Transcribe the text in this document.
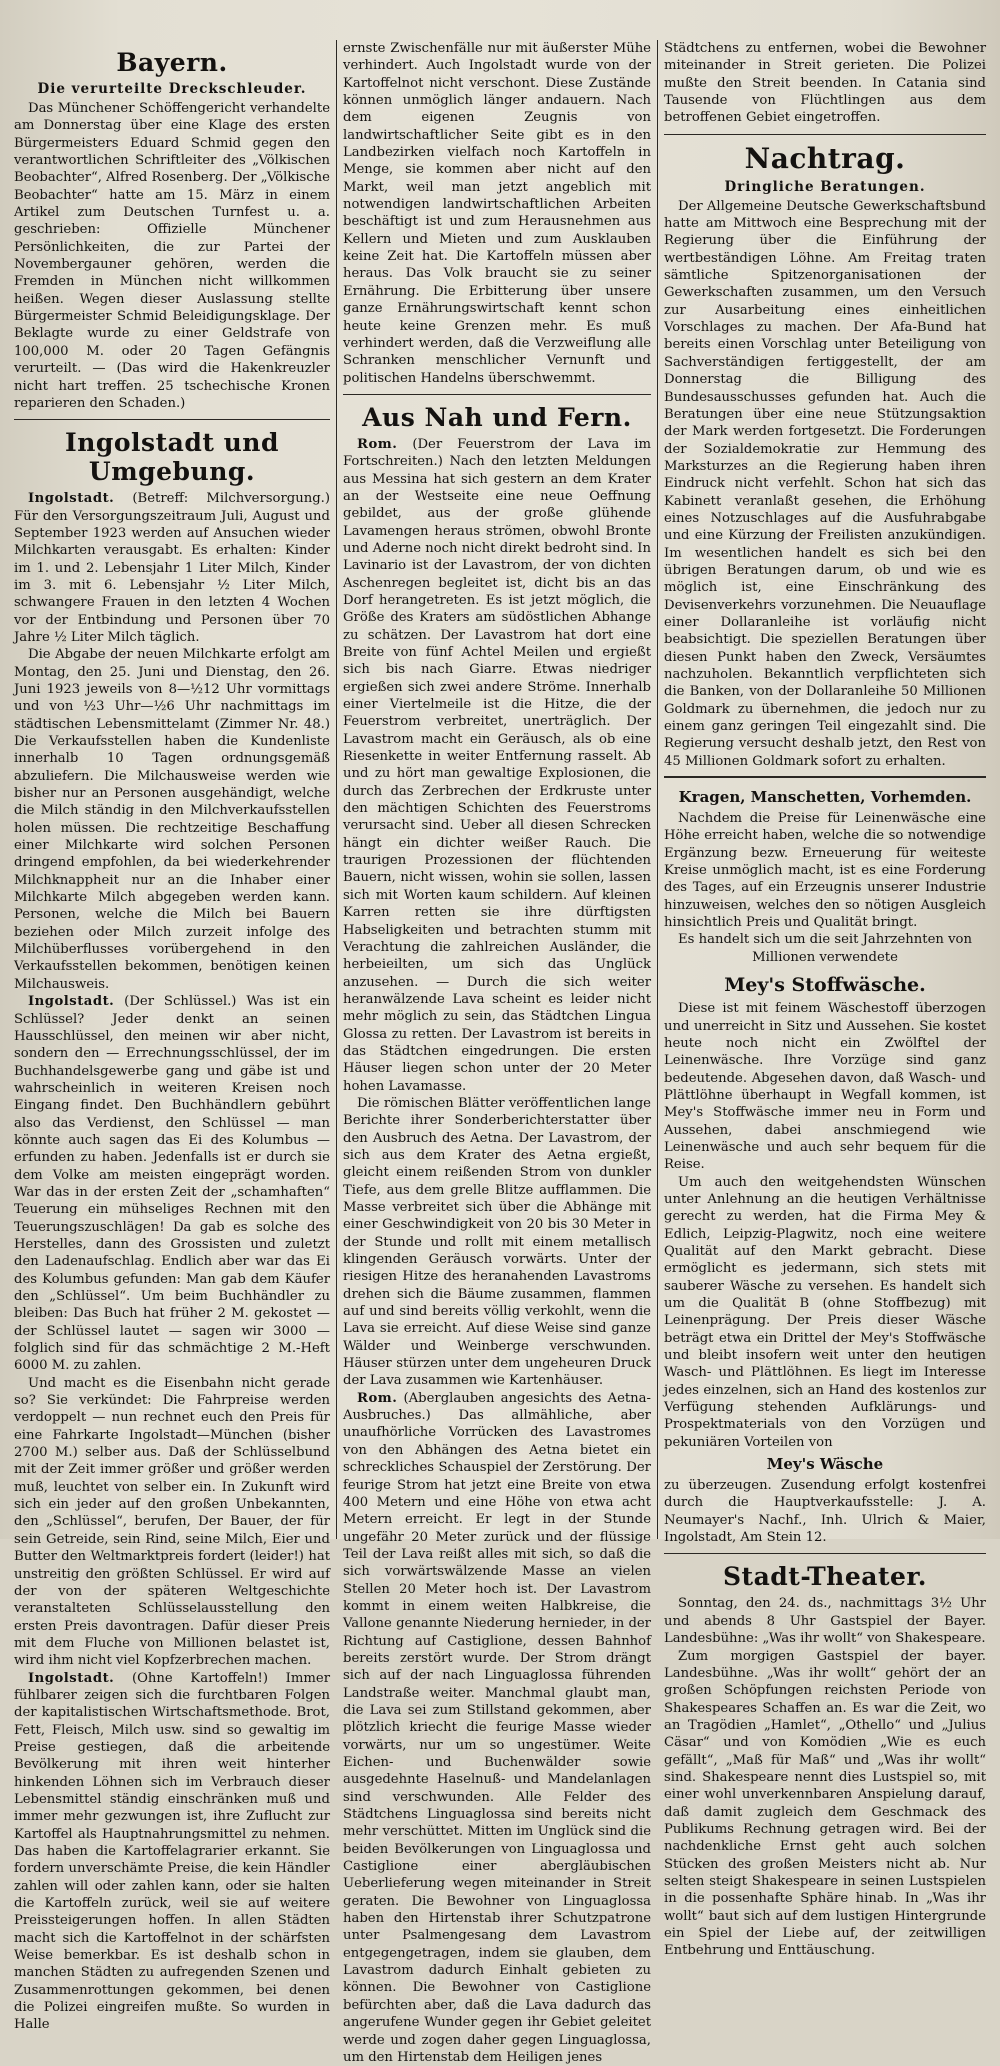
Bayern.
Die verurteilte Dreckschleuder.

Das Münchener Schöffengericht verhandelte am Donnerstag über eine Klage des ersten Bürgermeisters Eduard Schmid gegen den verantwortlichen Schriftleiter des „Völkischen Beobachter“, Alfred Rosenberg. Der „Völkische Beobachter“ hatte am 15. März in einem Artikel zum Deutschen Turnfest u. a. geschrieben: Offizielle Münchener Persönlichkeiten, die zur Partei der Novembergauner gehören, werden die Fremden in München nicht willkommen heißen. Wegen dieser Auslassung stellte Bürgermeister Schmid Beleidigungsklage. Der Beklagte wurde zu einer Geldstrafe von 100,000 M. oder 20 Tagen Gefängnis verurteilt. — (Das wird die Hakenkreuzler nicht hart treffen. 25 tschechische Kronen reparieren den Schaden.)

Ingolstadt und Umgebung.

Ingolstadt. (Betreff: Milchversorgung.) Für den Versorgungszeitraum Juli, August und September 1923 werden auf Ansuchen wieder Milchkarten verausgabt. Es erhalten: Kinder im 1. und 2. Lebensjahr 1 Liter Milch, Kinder im 3. mit 6. Lebensjahr ½ Liter Milch, schwangere Frauen in den letzten 4 Wochen vor der Entbindung und Personen über 70 Jahre ½ Liter Milch täglich.

Die Abgabe der neuen Milchkarte erfolgt am Montag, den 25. Juni und Dienstag, den 26. Juni 1923 jeweils von 8—½12 Uhr vormittags und von ½3 Uhr—½6 Uhr nachmittags im städtischen Lebensmittelamt (Zimmer Nr. 48.) Die Verkaufsstellen haben die Kundenliste innerhalb 10 Tagen ordnungsgemäß abzuliefern. Die Milchausweise werden wie bisher nur an Personen ausgehändigt, welche die Milch ständig in den Milchverkaufsstellen holen müssen. Die rechtzeitige Beschaffung einer Milchkarte wird solchen Personen dringend empfohlen, da bei wiederkehrender Milchknappheit nur an die Inhaber einer Milchkarte Milch abgegeben werden kann. Personen, welche die Milch bei Bauern beziehen oder Milch zurzeit infolge des Milchüberflusses vorübergehend in den Verkaufsstellen bekommen, benötigen keinen Milchausweis.

Ingolstadt. (Der Schlüssel.) Was ist ein Schlüssel? Jeder denkt an seinen Hausschlüssel, den meinen wir aber nicht, sondern den — Errechnungsschlüssel, der im Buchhandelsgewerbe gang und gäbe ist und wahrscheinlich in weiteren Kreisen noch Eingang findet. Den Buchhändlern gebührt also das Verdienst, den Schlüssel — man könnte auch sagen das Ei des Kolumbus — erfunden zu haben. Jedenfalls ist er durch sie dem Volke am meisten eingeprägt worden. War das in der ersten Zeit der „schamhaften“ Teuerung ein mühseliges Rechnen mit den Teuerungszuschlägen! Da gab es solche des Herstelles, dann des Grossisten und zuletzt den Ladenaufschlag. Endlich aber war das Ei des Kolumbus gefunden: Man gab dem Käufer den „Schlüssel“. Um beim Buchhändler zu bleiben: Das Buch hat früher 2 M. gekostet — der Schlüssel lautet — sagen wir 3000 — folglich sind für das schmächtige 2 M.-Heft 6000 M. zu zahlen.

Und macht es die Eisenbahn nicht gerade so? Sie verkündet: Die Fahrpreise werden verdoppelt — nun rechnet euch den Preis für eine Fahrkarte Ingolstadt—München (bisher 2700 M.) selber aus. Daß der Schlüsselbund mit der Zeit immer größer und größer werden muß, leuchtet von selber ein. In Zukunft wird sich ein jeder auf den großen Unbekannten, den „Schlüssel“, berufen, Der Bauer, der für sein Getreide, sein Rind, seine Milch, Eier und Butter den Weltmarktpreis fordert (leider!) hat unstreitig den größten Schlüssel. Er wird auf der von der späteren Weltgeschichte veranstalteten Schlüsselausstellung den ersten Preis davontragen. Dafür dieser Preis mit dem Fluche von Millionen belastet ist, wird ihm nicht viel Kopfzerbrechen machen.

Ingolstadt. (Ohne Kartoffeln!) Immer fühlbarer zeigen sich die furchtbaren Folgen der kapitalistischen Wirtschaftsmethode. Brot, Fett, Fleisch, Milch usw. sind so gewaltig im Preise gestiegen, daß die arbeitende Bevölkerung mit ihren weit hinterher hinkenden Löhnen sich im Verbrauch dieser Lebensmittel ständig einschränken muß und immer mehr gezwungen ist, ihre Zuflucht zur Kartoffel als Hauptnahrungsmittel zu nehmen. Das haben die Kartoffelagrarier erkannt. Sie fordern unverschämte Preise, die kein Händler zahlen will oder zahlen kann, oder sie halten die Kartoffeln zurück, weil sie auf weitere Preissteigerungen hoffen. In allen Städten macht sich die Kartoffelnot in der schärfsten Weise bemerkbar. Es ist deshalb schon in manchen Städten zu aufregenden Szenen und Zusammenrottungen gekommen, bei denen die Polizei eingreifen mußte. So wurden in Halle

ernste Zwischenfälle nur mit äußerster Mühe verhindert. Auch Ingolstadt wurde von der Kartoffelnot nicht verschont. Diese Zustände können unmöglich länger andauern. Nach dem eigenen Zeugnis von landwirtschaftlicher Seite gibt es in den Landbezirken vielfach noch Kartoffeln in Menge, sie kommen aber nicht auf den Markt, weil man jetzt angeblich mit notwendigen landwirtschaftlichen Arbeiten beschäftigt ist und zum Herausnehmen aus Kellern und Mieten und zum Ausklauben keine Zeit hat. Die Kartoffeln müssen aber heraus. Das Volk braucht sie zu seiner Ernährung. Die Erbitterung über unsere ganze Ernährungswirtschaft kennt schon heute keine Grenzen mehr. Es muß verhindert werden, daß die Verzweiflung alle Schranken menschlicher Vernunft und politischen Handelns überschwemmt.

Aus Nah und Fern.

Rom. (Der Feuerstrom der Lava im Fortschreiten.) Nach den letzten Meldungen aus Messina hat sich gestern an dem Krater an der Westseite eine neue Oeffnung gebildet, aus der große glühende Lavamengen heraus strömen, obwohl Bronte und Aderne noch nicht direkt bedroht sind. In Lavinario ist der Lavastrom, der von dichten Aschenregen begleitet ist, dicht bis an das Dorf herangetreten. Es ist jetzt möglich, die Größe des Kraters am südöstlichen Abhange zu schätzen. Der Lavastrom hat dort eine Breite von fünf Achtel Meilen und ergießt sich bis nach Giarre. Etwas niedriger ergießen sich zwei andere Ströme. Innerhalb einer Viertelmeile ist die Hitze, die der Feuerstrom verbreitet, unerträglich. Der Lavastrom macht ein Geräusch, als ob eine Riesenkette in weiter Entfernung rasselt. Ab und zu hört man gewaltige Explosionen, die durch das Zerbrechen der Erdkruste unter den mächtigen Schichten des Feuerstroms verursacht sind. Ueber all diesen Schrecken hängt ein dichter weißer Rauch. Die traurigen Prozessionen der flüchtenden Bauern, nicht wissen, wohin sie sollen, lassen sich mit Worten kaum schildern. Auf kleinen Karren retten sie ihre dürftigsten Habseligkeiten und betrachten stumm mit Verachtung die zahlreichen Ausländer, die herbeieilten, um sich das Unglück anzusehen. — Durch die sich weiter heranwälzende Lava scheint es leider nicht mehr möglich zu sein, das Städtchen Lingua Glossa zu retten. Der Lavastrom ist bereits in das Städtchen eingedrungen. Die ersten Häuser liegen schon unter der 20 Meter hohen Lavamasse.

Die römischen Blätter veröffentlichen lange Berichte ihrer Sonderberichterstatter über den Ausbruch des Aetna. Der Lavastrom, der sich aus dem Krater des Aetna ergießt, gleicht einem reißenden Strom von dunkler Tiefe, aus dem grelle Blitze aufflammen. Die Masse verbreitet sich über die Abhänge mit einer Geschwindigkeit von 20 bis 30 Meter in der Stunde und rollt mit einem metallisch klingenden Geräusch vorwärts. Unter der riesigen Hitze des heranahenden Lavastroms drehen sich die Bäume zusammen, flammen auf und sind bereits völlig verkohlt, wenn die Lava sie erreicht. Auf diese Weise sind ganze Wälder und Weinberge verschwunden. Häuser stürzen unter dem ungeheuren Druck der Lava zusammen wie Kartenhäuser.

Rom. (Aberglauben angesichts des Aetna-Ausbruches.) Das allmähliche, aber unaufhörliche Vorrücken des Lavastromes von den Abhängen des Aetna bietet ein schreckliches Schauspiel der Zerstörung. Der feurige Strom hat jetzt eine Breite von etwa 400 Metern und eine Höhe von etwa acht Metern erreicht. Er legt in der Stunde ungefähr 20 Meter zurück und der flüssige Teil der Lava reißt alles mit sich, so daß die sich vorwärtswälzende Masse an vielen Stellen 20 Meter hoch ist. Der Lavastrom kommt in einem weiten Halbkreise, die Vallone genannte Niederung hernieder, in der Richtung auf Castiglione, dessen Bahnhof bereits zerstört wurde. Der Strom drängt sich auf der nach Linguaglossa führenden Landstraße weiter. Manchmal glaubt man, die Lava sei zum Stillstand gekommen, aber plötzlich kriecht die feurige Masse wieder vorwärts, nur um so ungestümer. Weite Eichen- und Buchenwälder sowie ausgedehnte Haselnuß- und Mandelanlagen sind verschwunden. Alle Felder des Städtchens Linguaglossa sind bereits nicht mehr verschüttet. Mitten im Unglück sind die beiden Bevölkerungen von Linguaglossa und Castiglione einer abergläubischen Ueberlieferung wegen miteinander in Streit geraten. Die Bewohner von Linguaglossa haben den Hirtenstab ihrer Schutzpatrone unter Psalmengesang dem Lavastrom entgegengetragen, indem sie glauben, dem Lavastrom dadurch Einhalt gebieten zu können. Die Bewohner von Castiglione befürchten aber, daß die Lava dadurch das angerufene Wunder gegen ihr Gebiet geleitet werde und zogen daher gegen Linguaglossa, um den Hirtenstab dem Heiligen jenes

Städtchens zu entfernen, wobei die Bewohner miteinander in Streit gerieten. Die Polizei mußte den Streit beenden. In Catania sind Tausende von Flüchtlingen aus dem betroffenen Gebiet eingetroffen.

Nachtrag.
Dringliche Beratungen.

Der Allgemeine Deutsche Gewerkschaftsbund hatte am Mittwoch eine Besprechung mit der Regierung über die Einführung der wertbeständigen Löhne. Am Freitag traten sämtliche Spitzenorganisationen der Gewerkschaften zusammen, um den Versuch zur Ausarbeitung eines einheitlichen Vorschlages zu machen. Der Afa-Bund hat bereits einen Vorschlag unter Beteiligung von Sachverständigen fertiggestellt, der am Donnerstag die Billigung des Bundesausschusses gefunden hat. Auch die Beratungen über eine neue Stützungsaktion der Mark werden fortgesetzt. Die Forderungen der Sozialdemokratie zur Hemmung des Marksturzes an die Regierung haben ihren Eindruck nicht verfehlt. Schon hat sich das Kabinett veranlaßt gesehen, die Erhöhung eines Notzuschlages auf die Ausfuhrabgabe und eine Kürzung der Freilisten anzukündigen. Im wesentlichen handelt es sich bei den übrigen Beratungen darum, ob und wie es möglich ist, eine Einschränkung des Devisenverkehrs vorzunehmen. Die Neuauflage einer Dollaranleihe ist vorläufig nicht beabsichtigt. Die speziellen Beratungen über diesen Punkt haben den Zweck, Versäumtes nachzuholen. Bekanntlich verpflichteten sich die Banken, von der Dollaranleihe 50 Millionen Goldmark zu übernehmen, die jedoch nur zu einem ganz geringen Teil eingezahlt sind. Die Regierung versucht deshalb jetzt, den Rest von 45 Millionen Goldmark sofort zu erhalten.

Kragen, Manschetten, Vorhemden.

Nachdem die Preise für Leinenwäsche eine Höhe erreicht haben, welche die so notwendige Ergänzung bezw. Erneuerung für weiteste Kreise unmöglich macht, ist es eine Forderung des Tages, auf ein Erzeugnis unserer Industrie hinzuweisen, welches den so nötigen Ausgleich hinsichtlich Preis und Qualität bringt.

Es handelt sich um die seit Jahrzehnten von Millionen verwendete

Mey's Stoffwäsche.

Diese ist mit feinem Wäschestoff überzogen und unerreicht in Sitz und Aussehen. Sie kostet heute noch nicht ein Zwölftel der Leinenwäsche. Ihre Vorzüge sind ganz bedeutende. Abgesehen davon, daß Wasch- und Plättlöhne überhaupt in Wegfall kommen, ist Mey's Stoffwäsche immer neu in Form und Aussehen, dabei anschmiegend wie Leinenwäsche und auch sehr bequem für die Reise.

Um auch den weitgehendsten Wünschen unter Anlehnung an die heutigen Verhältnisse gerecht zu werden, hat die Firma Mey & Edlich, Leipzig-Plagwitz, noch eine weitere Qualität auf den Markt gebracht. Diese ermöglicht es jedermann, sich stets mit sauberer Wäsche zu versehen. Es handelt sich um die Qualität B (ohne Stoffbezug) mit Leinenprägung. Der Preis dieser Wäsche beträgt etwa ein Drittel der Mey's Stoffwäsche und bleibt insofern weit unter den heutigen Wasch- und Plättlöhnen. Es liegt im Interesse jedes einzelnen, sich an Hand des kostenlos zur Verfügung stehenden Aufklärungs- und Prospektmaterials von den Vorzügen und pekuniären Vorteilen von

Mey's Wäsche

zu überzeugen. Zusendung erfolgt kostenfrei durch die Hauptverkaufsstelle: J. A. Neumayer's Nachf., Inh. Ulrich & Maier, Ingolstadt, Am Stein 12.

Stadt-Theater.

Sonntag, den 24. ds., nachmittags 3½ Uhr und abends 8 Uhr Gastspiel der Bayer. Landesbühne: „Was ihr wollt“ von Shakespeare.

Zum morgigen Gastspiel der bayer. Landesbühne. „Was ihr wollt“ gehört der an großen Schöpfungen reichsten Periode von Shakespeares Schaffen an. Es war die Zeit, wo an Tragödien „Hamlet“, „Othello“ und „Julius Cäsar“ und von Komödien „Wie es euch gefällt“, „Maß für Maß“ und „Was ihr wollt“ sind. Shakespeare nennt dies Lustspiel so, mit einer wohl unverkennbaren Anspielung darauf, daß damit zugleich dem Geschmack des Publikums Rechnung getragen wird. Bei der nachdenkliche Ernst geht auch solchen Stücken des großen Meisters nicht ab. Nur selten steigt Shakespeare in seinen Lustspielen in die possenhafte Sphäre hinab. In „Was ihr wollt“ baut sich auf dem lustigen Hintergrunde ein Spiel der Liebe auf, der zeitwilligen Entbehrung und Enttäuschung.
